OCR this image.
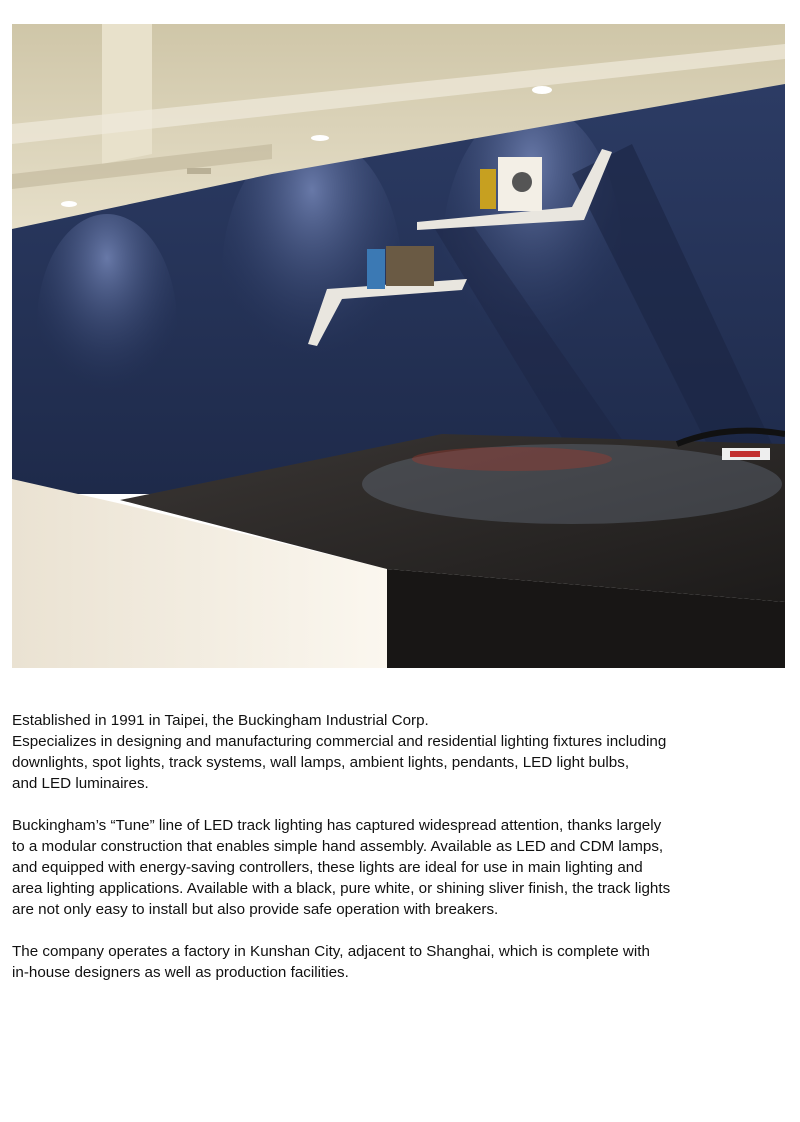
Established in 1991 in Taipei, the Buckingham Industrial Corp.
Especializes in designing and manufacturing commercial and residential lighting fixtures including
downlights, spot lights, track systems, wall lamps, ambient lights, pendants, LED light bulbs,
and LED luminaires.

Buckingham’s “Tune” line of LED track lighting has captured widespread attention, thanks largely
to a modular construction that enables simple hand assembly. Available as LED and CDM lamps,
and equipped with energy-saving controllers, these lights are ideal for use in main lighting and
area lighting applications. Available with a black, pure white, or shining sliver finish, the track lights
are not only easy to install but also provide safe operation with breakers.

The company operates a factory in Kunshan City, adjacent to Shanghai, which is complete with
in-house designers as well as production facilities.
